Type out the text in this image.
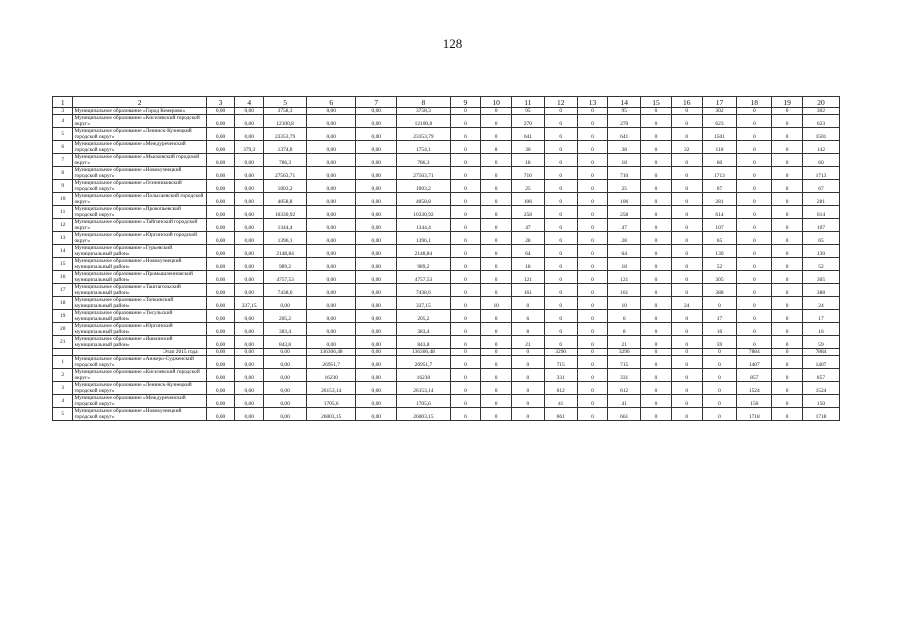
128
1	2	3	4	5	6	7	8	9	10	11	12	13	14	15	16	17	18	19	20
3	Муниципальное образование «Город Кемерово»	0,00	0,00	3758,3	0,00	0,00	3758,3	0	0	95	0	0	95	0	0	302	0	0	302
4	Муниципальное образование «Киселевский городской округ»	0,00	0,00	12100,8	0,00	0,00	12100,8	0	0	270	0	0	270	0	0	623	0	0	623
5	Муниципальное образование «Ленинск-Кузнецкий городской округ»	0,00	0,00	23353,79	0,00	0,00	23353,79	0	0	641	0	0	641	0	0	1501	0	0	1501
6	Муниципальное образование «Междуреченский городской округ»	0,00	379,3	1374,8	0,00	0,00	1754,1	0	8	30	0	0	38	0	32	110	0	0	142
7	Муниципальное образование «Мысковский городской округ»	0,00	0,00	786,3	0,00	0,00	786,3	0	0	18	0	0	18	0	0	60	0	0	60
8	Муниципальное образование «Новокузнецкий городской округ»	0,00	0,00	27563,71	0,00	0,00	27563,71	0	0	710	0	0	710	0	0	1713	0	0	1713
9	Муниципальное образование «Осинниковский городской округ»	0,00	0,00	1003,2	0,00	0,00	1003,2	0	0	25	0	0	25	0	0	67	0	0	67
10	Муниципальное образование «Полысаевский городской округ»	0,00	0,00	4058,8	0,00	0,00	4058,8	0	0	106	0	0	106	0	0	281	0	0	281
11	Муниципальное образование «Прокопьевский городской округ»	0,00	0,00	10330,92	0,00	0,00	10330,92	0	0	258	0	0	258	0	0	614	0	0	614
12	Муниципальное образование «Тайгинский городской округ»	0,00	0,00	1344,4	0,00	0,00	1344,4	0	0	47	0	0	47	0	0	107	0	0	107
13	Муниципальное образование «Юргинский городской округ»	0,00	0,00	1396,1	0,00	0,00	1396,1	0	0	28	0	0	28	0	0	65	0	0	65
14	Муниципальное образование «Гурьевский муниципальный район»	0,00	0,00	2148,84	0,00	0,00	2148,84	0	0	64	0	0	64	0	0	130	0	0	130
15	Муниципальное образование «Новокузнецкий муниципальный район»	0,00	0,00	989,2	0,00	0,00	989,2	0	0	18	0	0	18	0	0	52	0	0	52
16	Муниципальное образование «Промышленновский муниципальный район»	0,00	0,00	4757,53	0,00	0,00	4757,53	0	0	121	0	0	121	0	0	305	0	0	305
17	Муниципальное образование «Таштагольский муниципальный район»	0,00	0,00	7438,6	0,00	0,00	7438,6	0	0	161	0	0	161	0	0	388	0	0	388
18	Муниципальное образование «Топкинский муниципальный район»	0,00	337,15	0,00	0,00	0,00	337,15	0	10	0	0	0	10	0	24	0	0	0	24
19	Муниципальное образование «Тисульский муниципальный район»	0,00	0,00	205,2	0,00	0,00	205,2	0	0	6	0	0	6	0	0	17	0	0	17
20	Муниципальное образование «Юргинский муниципальный район»	0,00	0,00	383,4	0,00	0,00	383,4	0	0	8	0	0	8	0	0	16	0	0	16
21	Муниципальное образование «Яшкинский муниципальный район»	0,00	0,00	843,8	0,00	0,00	843,8	0	0	21	0	0	21	0	0	59	0	0	59
	Этап 2015 года	0,00	0,00	0,00	136306,48	0,00	136306,48	0	0	0	3290	0	3290	0	0	0	7884	0	7884
1	Муниципальное образование «Анжеро-Судженский городской округ»	0,00	0,00	0,00	26951,7	0,00	26951,7	0	0	0	715	0	715	0	0	0	1407	0	1407
2	Муниципальное образование «Киселевский городской округ»	0,00	0,00	0,00	16230	0,00	16230	0	0	0	331	0	331	0	0	0	857	0	857
3	Муниципальное образование «Ленинск-Кузнецкий городской округ»	0,00	0,00	0,00	26153,14	0,00	26153,14	0	0	0	612	0	612	0	0	0	1524	0	1524
4	Муниципальное образование «Междуреченский городской округ»	0,00	0,00	0,00	1705,6	0,00	1705,6	0	0	0	41	0	41	0	0	0	150	0	150
5	Муниципальное образование «Новокузнецкий городской округ»	0,00	0,00	0,00	26003,15	0,00	26003,15	0	0	0	661	0	661	0	0	0	1718	0	1718
